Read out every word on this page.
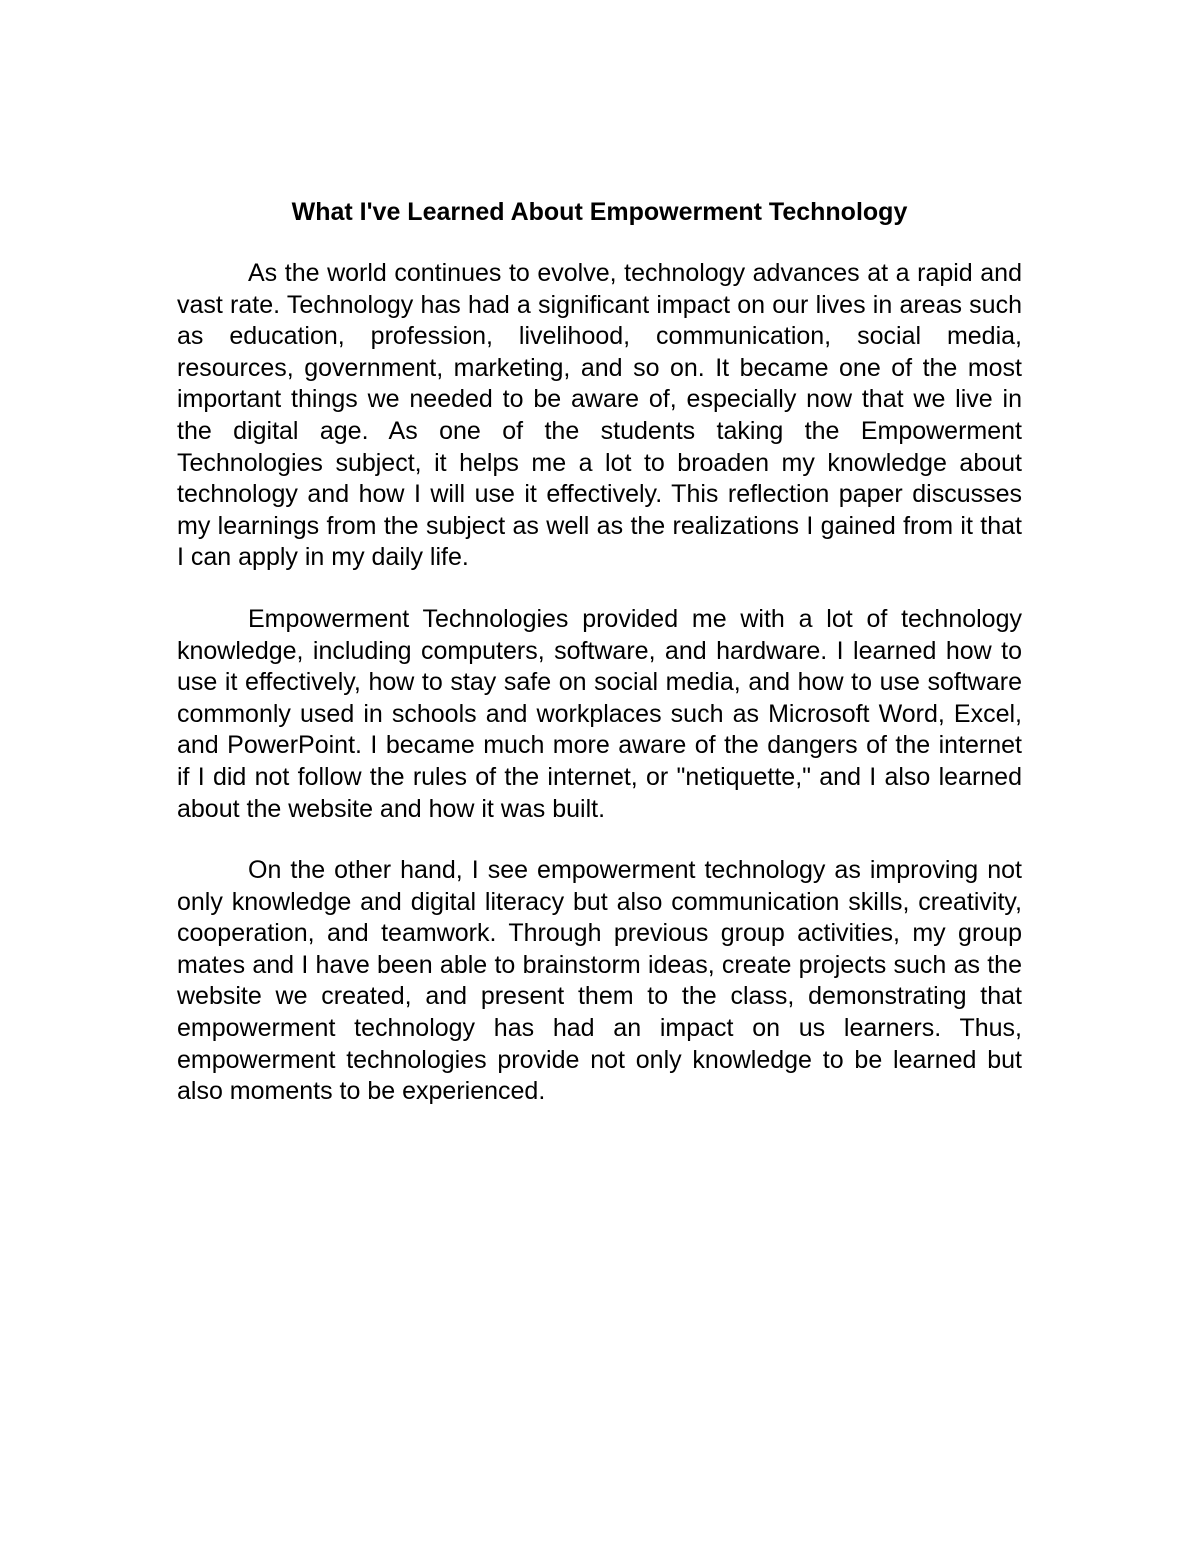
What I've Learned About Empowerment Technology

As the world continues to evolve, technology advances at a rapid and vast rate. Technology has had a significant impact on our lives in areas such as education, profession, livelihood, communication, social media, resources, government, marketing, and so on. It became one of the most important things we needed to be aware of, especially now that we live in the digital age. As one of the students taking the Empowerment Technologies subject, it helps me a lot to broaden my knowledge about technology and how I will use it effectively. This reflection paper discusses my learnings from the subject as well as the realizations I gained from it that I can apply in my daily life.

Empowerment Technologies provided me with a lot of technology knowledge, including computers, software, and hardware. I learned how to use it effectively, how to stay safe on social media, and how to use software commonly used in schools and workplaces such as Microsoft Word, Excel, and PowerPoint. I became much more aware of the dangers of the internet if I did not follow the rules of the internet, or "netiquette," and I also learned about the website and how it was built.

On the other hand, I see empowerment technology as improving not only knowledge and digital literacy but also communication skills, creativity, cooperation, and teamwork. Through previous group activities, my group mates and I have been able to brainstorm ideas, create projects such as the website we created, and present them to the class, demonstrating that empowerment technology has had an impact on us learners. Thus, empowerment technologies provide not only knowledge to be learned but also moments to be experienced.
